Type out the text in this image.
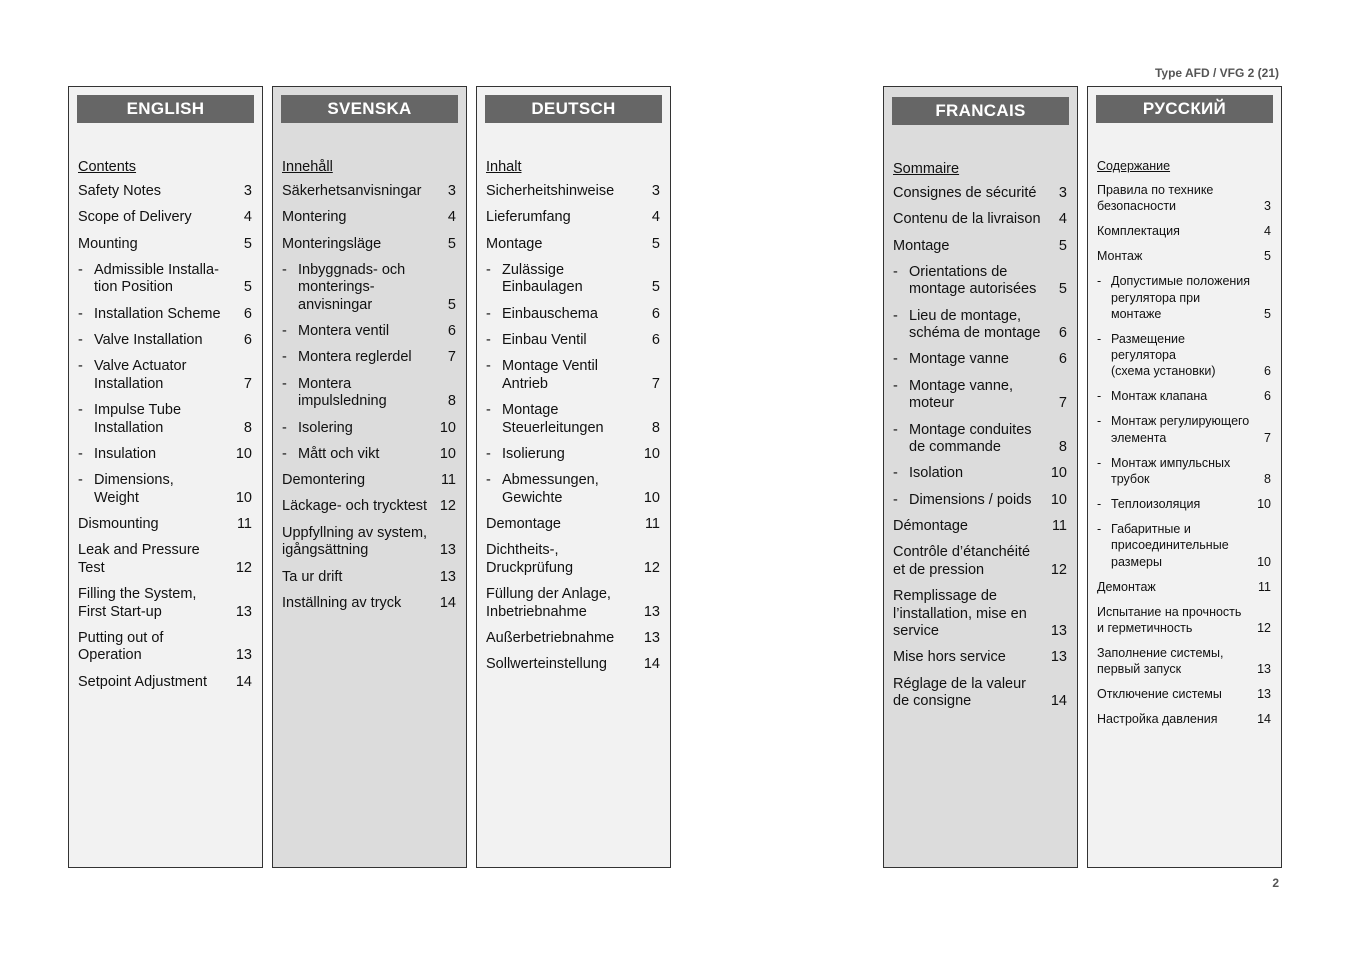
Type AFD / VFG 2 (21)
ENGLISH
Contents
Safety Notes	3
Scope of Delivery	4
Mounting	5
- Admissible Installa-
tion Position	5
- Installation Scheme	6
- Valve Installation	6
- Valve Actuator
Installation	7
- Impulse Tube
Installation	8
- Insulation	10
- Dimensions,
Weight	10
Dismounting	11
Leak and Pressure
Test	12
Filling the System,
First Start-up	13
Putting out of
Operation	13
Setpoint Adjustment	14
SVENSKA
Innehåll
Säkerhetsanvisningar	3
Montering	4
Monteringsläge	5
- Inbyggnads- och
monterings-
anvisningar	5
- Montera ventil	6
- Montera reglerdel	7
- Montera
impulsledning	8
- Isolering	10
- Mått och vikt	10
Demontering	11
Läckage- och trycktest 12
Uppfyllning av system,
igångsättning	13
Ta ur drift	13
Inställning av tryck	14
DEUTSCH
Inhalt
Sicherheitshinweise	3
Lieferumfang	4
Montage	5
- Zulässige
Einbaulagen	5
- Einbauschema	6
- Einbau Ventil	6
- Montage Ventil
Antrieb	7
- Montage
Steuerleitungen	8
- Isolierung	10
- Abmessungen,
Gewichte	10
Demontage	11
Dichtheits-,
Druckprüfung	12
Füllung der Anlage,
Inbetriebnahme	13
Außerbetriebnahme	13
Sollwerteinstellung	14
FRANCAIS
Sommaire
Consignes de sécurité	3
Contenu de la livraison	4
Montage	5
- Orientations de
montage autorisées	5
- Lieu de montage,
schéma de montage	6
- Montage vanne	6
- Montage vanne,
moteur	7
- Montage conduites
de commande	8
- Isolation	10
- Dimensions / poids	10
Démontage	11
Contrôle d’étanchéité
et de pression	12
Remplissage de
l’installation, mise en
service	13
Mise hors service	13
Réglage de la valeur
de consigne	14
РУССКИЙ
Содержание
Правила по технике
безопасности	3
Комплектация	4
Монтаж	5
- Допустимые положения
регулятора при
монтаже	5
- Размещение регулятора
(схема установки)	6
- Монтаж клапана	6
- Монтаж регулирующего
элемента	7
- Монтаж импульсных
трубок	8
- Теплоизоляция	10
- Габаритные и
присоединительные
размеры	10
Демонтаж	11
Испытание на прочность
и герметичность	12
Заполнение системы,
первый запуск	13
Отключение системы	13
Настройка давления	14
2
